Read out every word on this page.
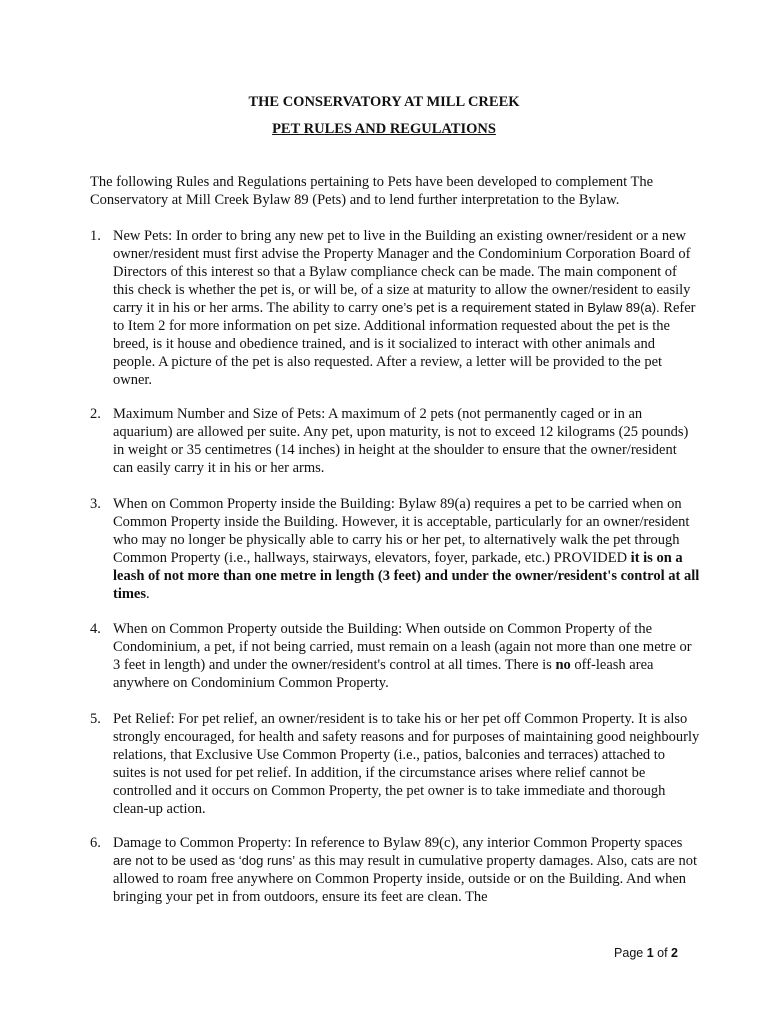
THE CONSERVATORY AT MILL CREEK
PET RULES AND REGULATIONS

The following Rules and Regulations pertaining to Pets have been developed to complement The Conservatory at Mill Creek Bylaw 89 (Pets) and to lend further interpretation to the Bylaw.

1. New Pets: In order to bring any new pet to live in the Building an existing owner/resident or a new owner/resident must first advise the Property Manager and the Condominium Corporation Board of Directors of this interest so that a Bylaw compliance check can be made. The main component of this check is whether the pet is, or will be, of a size at maturity to allow the owner/resident to easily carry it in his or her arms. The ability to carry one’s pet is a requirement stated in Bylaw 89(a). Refer to Item 2 for more information on pet size. Additional information requested about the pet is the breed, is it house and obedience trained, and is it socialized to interact with other animals and people. A picture of the pet is also requested. After a review, a letter will be provided to the pet owner.
2. Maximum Number and Size of Pets: A maximum of 2 pets (not permanently caged or in an aquarium) are allowed per suite. Any pet, upon maturity, is not to exceed 12 kilograms (25 pounds) in weight or 35 centimetres (14 inches) in height at the shoulder to ensure that the owner/resident can easily carry it in his or her arms.
3. When on Common Property inside the Building: Bylaw 89(a) requires a pet to be carried when on Common Property inside the Building. However, it is acceptable, particularly for an owner/resident who may no longer be physically able to carry his or her pet, to alternatively walk the pet through Common Property (i.e., hallways, stairways, elevators, foyer, parkade, etc.) PROVIDED it is on a leash of not more than one metre in length (3 feet) and under the owner/resident's control at all times.
4. When on Common Property outside the Building: When outside on Common Property of the Condominium, a pet, if not being carried, must remain on a leash (again not more than one metre or 3 feet in length) and under the owner/resident's control at all times. There is no off-leash area anywhere on Condominium Common Property.
5. Pet Relief: For pet relief, an owner/resident is to take his or her pet off Common Property. It is also strongly encouraged, for health and safety reasons and for purposes of maintaining good neighbourly relations, that Exclusive Use Common Property (i.e., patios, balconies and terraces) attached to suites is not used for pet relief. In addition, if the circumstance arises where relief cannot be controlled and it occurs on Common Property, the pet owner is to take immediate and thorough clean-up action.
6. Damage to Common Property: In reference to Bylaw 89(c), any interior Common Property spaces are not to be used as ‘dog runs’ as this may result in cumulative property damages. Also, cats are not allowed to roam free anywhere on Common Property inside, outside or on the Building. And when bringing your pet in from outdoors, ensure its feet are clean. The
Page 1 of 2
